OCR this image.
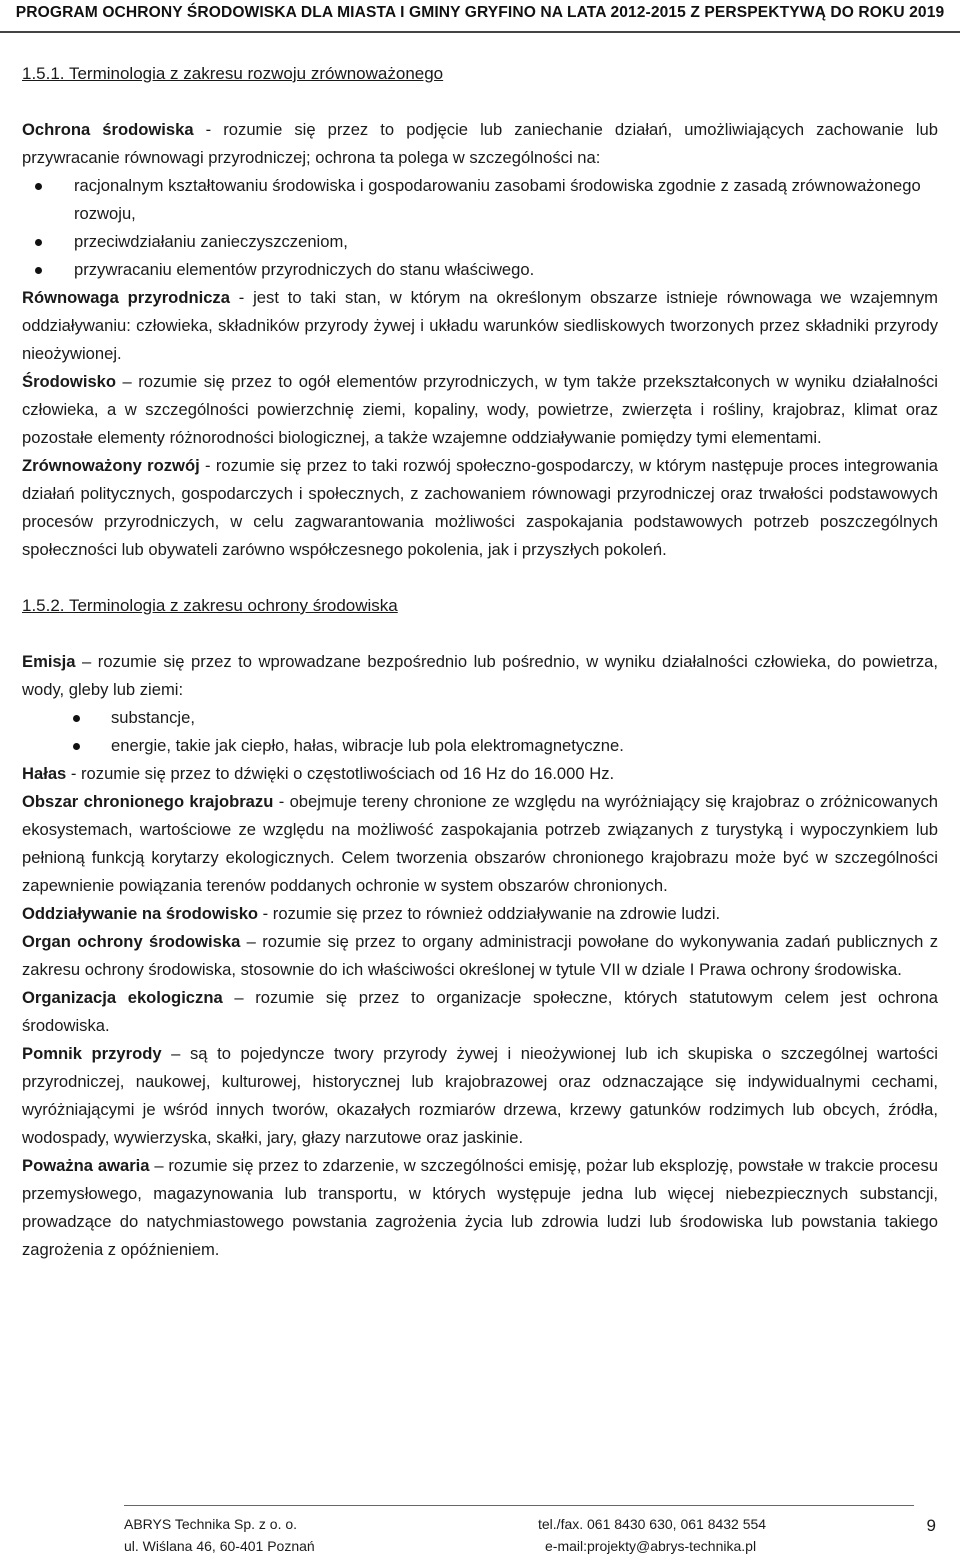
PROGRAM OCHRONY ŚRODOWISKA DLA MIASTA I GMINY GRYFINO NA LATA 2012-2015 Z PERSPEKTYWĄ DO ROKU 2019
1.5.1. Terminologia z zakresu rozwoju zrównoważonego

Ochrona środowiska - rozumie się przez to podjęcie lub zaniechanie działań, umożliwiających zachowanie lub przywracanie równowagi przyrodniczej; ochrona ta polega w szczególności na:

racjonalnym kształtowaniu środowiska i gospodarowaniu zasobami środowiska zgodnie z zasadą zrównoważonego rozwoju,
przeciwdziałaniu zanieczyszczeniom,
przywracaniu elementów przyrodniczych do stanu właściwego.

Równowaga przyrodnicza - jest to taki stan, w którym na określonym obszarze istnieje równowaga we wzajemnym oddziaływaniu: człowieka, składników przyrody żywej i układu warunków siedliskowych tworzonych przez składniki przyrody nieożywionej.

Środowisko – rozumie się przez to ogół elementów przyrodniczych, w tym także przekształconych w wyniku działalności człowieka, a w szczególności powierzchnię ziemi, kopaliny, wody, powietrze, zwierzęta i rośliny, krajobraz, klimat oraz pozostałe elementy różnorodności biologicznej, a także wzajemne oddziaływanie pomiędzy tymi elementami.

Zrównoważony rozwój - rozumie się przez to taki rozwój społeczno-gospodarczy, w którym następuje proces integrowania działań politycznych, gospodarczych i społecznych, z zachowaniem równowagi przyrodniczej oraz trwałości podstawowych procesów przyrodniczych, w celu zagwarantowania możliwości zaspokajania podstawowych potrzeb poszczególnych społeczności lub obywateli zarówno współczesnego pokolenia, jak i przyszłych pokoleń.

1.5.2. Terminologia z zakresu ochrony środowiska

Emisja – rozumie się przez to wprowadzane bezpośrednio lub pośrednio, w wyniku działalności człowieka, do powietrza, wody, gleby lub ziemi:

substancje,
energie, takie jak ciepło, hałas, wibracje lub pola elektromagnetyczne.

Hałas - rozumie się przez to dźwięki o częstotliwościach od 16 Hz do 16.000 Hz.

Obszar chronionego krajobrazu - obejmuje tereny chronione ze względu na wyróżniający się krajobraz o zróżnicowanych ekosystemach, wartościowe ze względu na możliwość zaspokajania potrzeb związanych z turystyką i wypoczynkiem lub pełnioną funkcją korytarzy ekologicznych. Celem tworzenia obszarów chronionego krajobrazu może być w szczególności zapewnienie powiązania terenów poddanych ochronie w system obszarów chronionych.

Oddziaływanie na środowisko - rozumie się przez to również oddziaływanie na zdrowie ludzi.

Organ ochrony środowiska – rozumie się przez to organy administracji powołane do wykonywania zadań publicznych z zakresu ochrony środowiska, stosownie do ich właściwości określonej w tytule VII w dziale I Prawa ochrony środowiska.

Organizacja ekologiczna – rozumie się przez to organizacje społeczne, których statutowym celem jest ochrona środowiska.

Pomnik przyrody – są to pojedyncze twory przyrody żywej i nieożywionej lub ich skupiska o szczególnej wartości przyrodniczej, naukowej, kulturowej, historycznej lub krajobrazowej oraz odznaczające się indywidualnymi cechami, wyróżniającymi je wśród innych tworów, okazałych rozmiarów drzewa, krzewy gatunków rodzimych lub obcych, źródła, wodospady, wywierzyska, skałki, jary, głazy narzutowe oraz jaskinie.

Poważna awaria – rozumie się przez to zdarzenie, w szczególności emisję, pożar lub eksplozję, powstałe w trakcie procesu przemysłowego, magazynowania lub transportu, w których występuje jedna lub więcej niebezpiecznych substancji, prowadzące do natychmiastowego powstania zagrożenia życia lub zdrowia ludzi lub środowiska lub powstania takiego zagrożenia z opóźnieniem.

ABRYS Technika Sp. z o. o.
ul. Wiślana 46, 60-401 Poznań
tel./fax. 061 8430 630, 061 8432 554
e-mail:projekty@abrys-technika.pl
9
